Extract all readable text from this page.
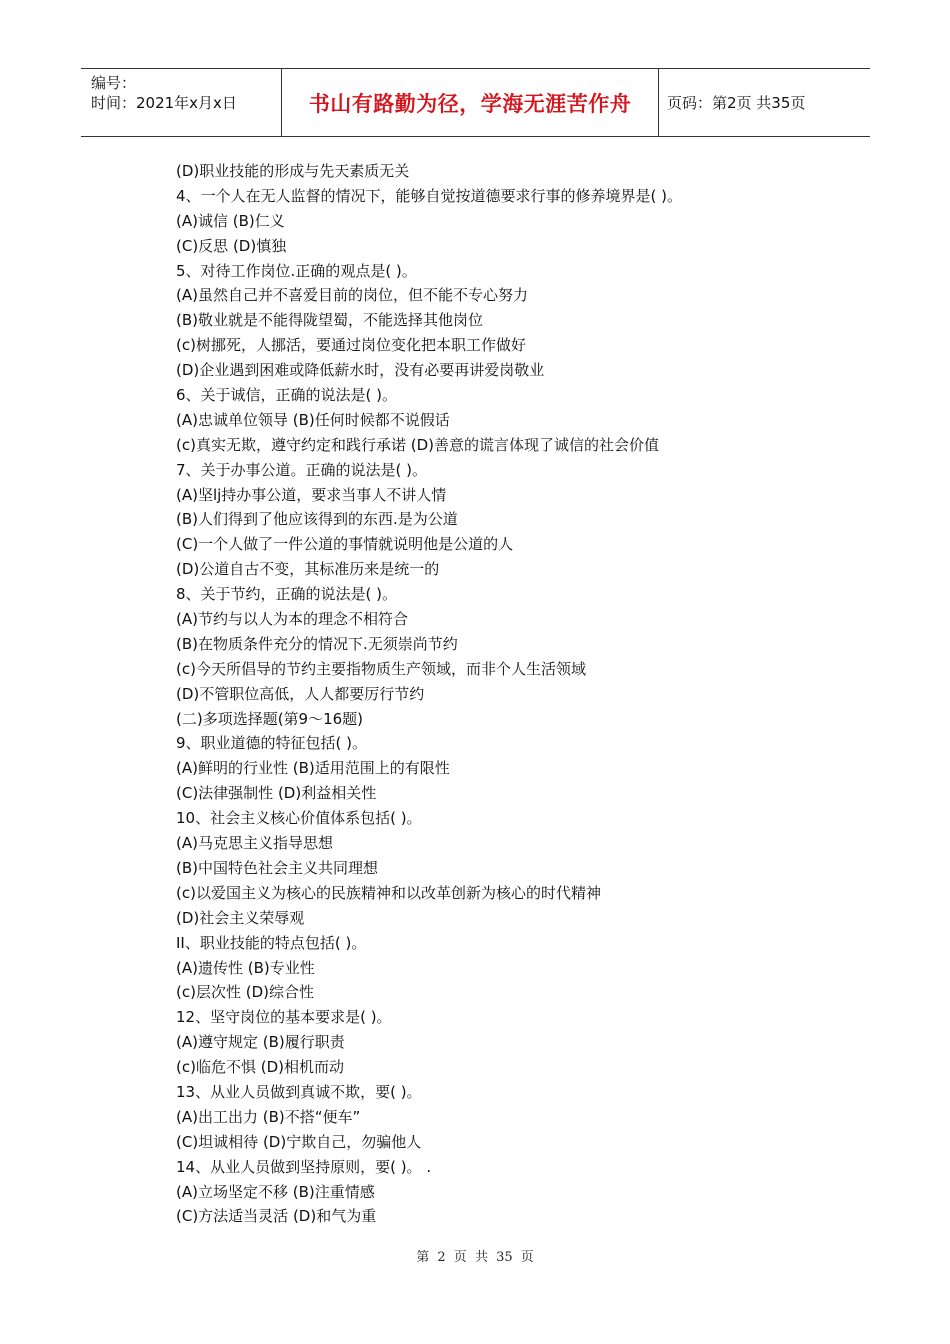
编号：
时间：2021年x月x日	书山有路勤为径，学海无涯苦作舟	页码：第2页 共35页
(D)职业技能的形成与先天素质无关
4、一个人在无人监督的情况下，能够自觉按道德要求行事的修养境界是( )。
(A)诚信 (B)仁义
(C)反思 (D)慎独
5、对待工作岗位.正确的观点是( )。
(A)虽然自己并不喜爱目前的岗位，但不能不专心努力
(B)敬业就是不能得陇望蜀，不能选择其他岗位
(c)树挪死，人挪活，要通过岗位变化把本职工作做好
(D)企业遇到困难或降低薪水时，没有必要再讲爱岗敬业
6、关于诚信，正确的说法是( )。
(A)忠诚单位领导 (B)任何时候都不说假话
(c)真实无欺，遵守约定和践行承诺 (D)善意的谎言体现了诚信的社会价值
7、关于办事公道。正确的说法是( )。
(A)坚lj持办事公道，要求当事人不讲人情
(B)人们得到了他应该得到的东西.是为公道
(C)一个人做了一件公道的事情就说明他是公道的人
(D)公道自古不变，其标准历来是统一的
8、关于节约，正确的说法是( )。
(A)节约与以人为本的理念不相符合
(B)在物质条件充分的情况下.无须崇尚节约
(c)今天所倡导的节约主要指物质生产领域，而非个人生活领域
(D)不管职位高低，人人都要厉行节约
(二)多项选择题(第9～16题)
9、职业道德的特征包括( )。
(A)鲜明的行业性 (B)适用范围上的有限性
(C)法律强制性 (D)利益相关性
10、社会主义核心价值体系包括( )。
(A)马克思主义指导思想
(B)中国特色社会主义共同理想
(c)以爱国主义为核心的民族精神和以改革创新为核心的时代精神
(D)社会主义荣辱观
II、职业技能的特点包括( )。
(A)遗传性 (B)专业性
(c)层次性 (D)综合性
12、坚守岗位的基本要求是( )。
(A)遵守规定 (B)履行职责
(c)临危不惧 (D)相机而动
13、从业人员做到真诚不欺，要( )。
(A)出工出力 (B)不搭“便车”
(C)坦诚相待 (D)宁欺自己，勿骗他人
14、从业人员做到坚持原则，要( )。 .
(A)立场坚定不移 (B)注重情感
(C)方法适当灵活 (D)和气为重
第 2 页 共 35 页
